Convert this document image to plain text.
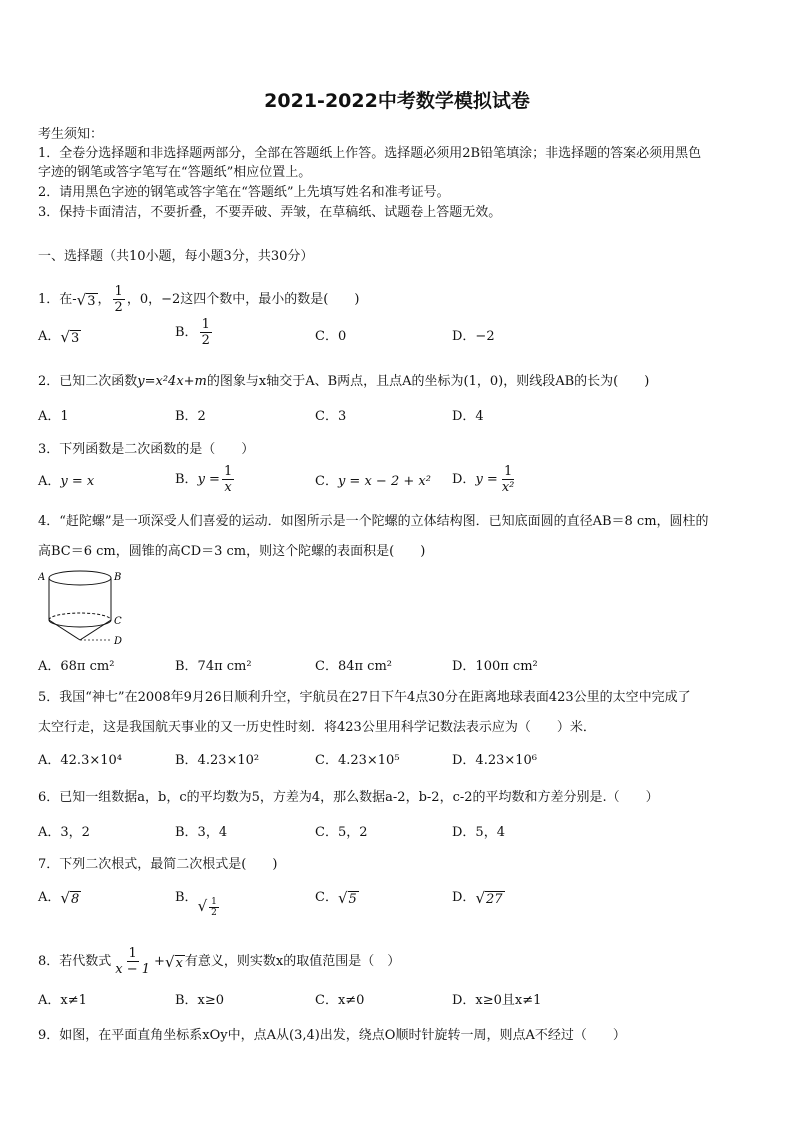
2021-2022中考数学模拟试卷
考生须知：
1．全卷分选择题和非选择题两部分，全部在答题纸上作答。选择题必须用2B铅笔填涂；非选择题的答案必须用黑色
字迹的钢笔或答字笔写在“答题纸”相应位置上。
2．请用黑色字迹的钢笔或答字笔在“答题纸”上先填写姓名和准考证号。
3．保持卡面清洁，不要折叠，不要弄破、弄皱，在草稿纸、试题卷上答题无效。
一、选择题（共10小题，每小题3分，共30分）
1．在-√3 ， $\frac{1}{2}$ ，0，−2这四个数中，最小的数是(　　)
A．√3	B． $\frac{1}{2}$	C．0	D．−2
2．已知二次函数y=x²4x+m的图象与x轴交于A、B两点，且点A的坐标为(1，0)，则线段AB的长为(　　)
A．1	B．2	C．3	D．4
3．下列函数是二次函数的是（　　）
A．y = x	B．$y = \frac{1}{x}$	C．y = x − 2 + x² D．$y = \frac{1}{\text{x²}}$
4．“赶陀螺”是一项深受人们喜爱的运动．如图所示是一个陀螺的立体结构图．已知底面圆的直径AB＝8 cm，圆柱的
高BC＝6 cm，圆锥的高CD＝3 cm，则这个陀螺的表面积是(　　)
A	B
C
D
A．68π cm²	B．74π cm²	C．84π cm²	D．100π cm²
5．我国“神七”在2008年9月26日顺利升空，宇航员在27日下午4点30分在距离地球表面423公里的太空中完成了
太空行走，这是我国航天事业的又一历史性时刻．将423公里用科学记数法表示应为（　　）米．
A．42.3×10⁴	B．4.23×10²	C．4.23×10⁵	D．4.23×10⁶
6．已知一组数据a，b，c的平均数为5，方差为4，那么数据a-2，b-2，c-2的平均数和方差分别是.（　　）
A．3，2	B．3，4	C．5，2	D．5，4
7．下列二次根式，最简二次根式是(　　)
A．√8	B．√ $\frac{1}{2}$	C．√5	D．√27
8．若代数式 $\frac{1}{x - 1} +√x$ 有意义，则实数x的取值范围是（　）
A．x≠1	B．x≥0	C．x≠0	D．x≥0且x≠1
9．如图，在平面直角坐标系xOy中，点A从(3,4)出发，绕点O顺时针旋转一周，则点A不经过（　　）
